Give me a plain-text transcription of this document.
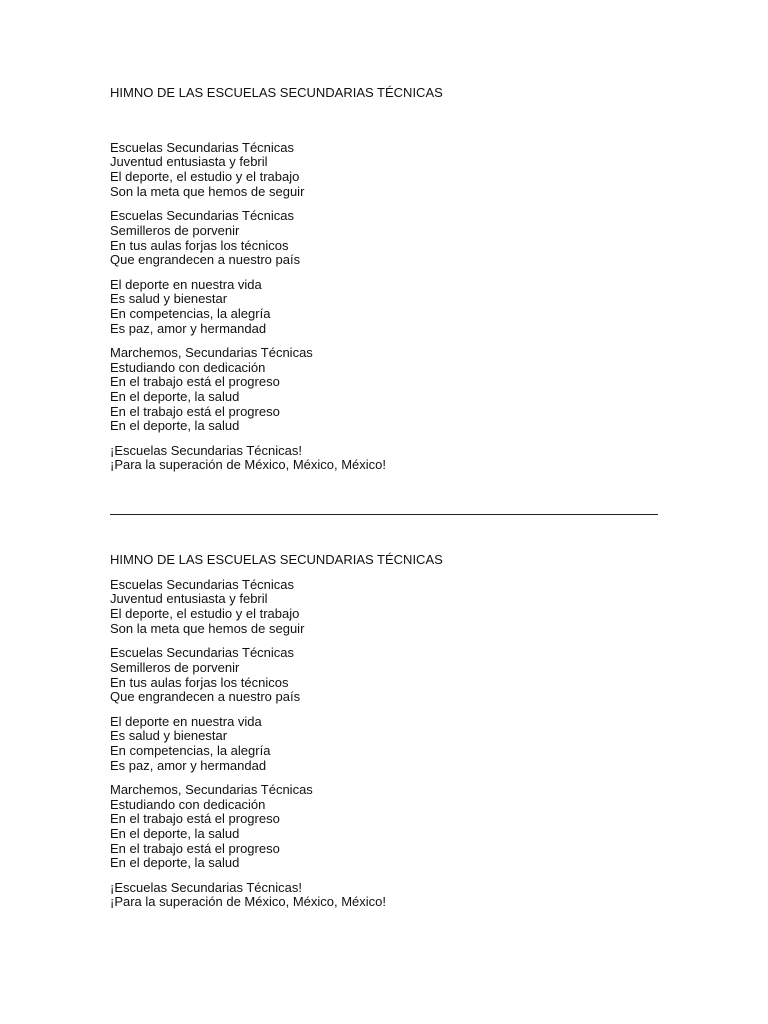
HIMNO DE LAS ESCUELAS SECUNDARIAS TÉCNICAS

Escuelas Secundarias Técnicas
Juventud entusiasta y febril
El deporte, el estudio y el trabajo
Son la meta que hemos de seguir

Escuelas Secundarias Técnicas
Semilleros de porvenir
En tus aulas forjas los técnicos
Que engrandecen a nuestro país

El deporte en nuestra vida
Es salud y bienestar
En competencias, la alegría
Es paz, amor y hermandad

Marchemos, Secundarias Técnicas
Estudiando con dedicación
En el trabajo está el progreso
En el deporte, la salud
En el trabajo está el progreso
En el deporte, la salud

¡Escuelas Secundarias Técnicas!
¡Para la superación de México, México, México!

HIMNO DE LAS ESCUELAS SECUNDARIAS TÉCNICAS

Escuelas Secundarias Técnicas
Juventud entusiasta y febril
El deporte, el estudio y el trabajo
Son la meta que hemos de seguir

Escuelas Secundarias Técnicas
Semilleros de porvenir
En tus aulas forjas los técnicos
Que engrandecen a nuestro país

El deporte en nuestra vida
Es salud y bienestar
En competencias, la alegría
Es paz, amor y hermandad

Marchemos, Secundarias Técnicas
Estudiando con dedicación
En el trabajo está el progreso
En el deporte, la salud
En el trabajo está el progreso
En el deporte, la salud

¡Escuelas Secundarias Técnicas!
¡Para la superación de México, México, México!
